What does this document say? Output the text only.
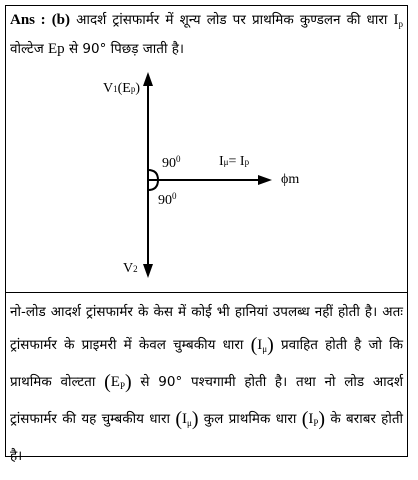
Ans : (b) आदर्श ट्रांसफार्मर में शून्य लोड पर प्राथमिक कुण्डलन की धारा $I_p$ वोल्टेज Ep से 90° पिछड़ जाती है।
V1(Ep)
V2
$90^0$
$90^0$
Iμ= Ip
ϕm
नो-लोड आदर्श ट्रांसफार्मर के केस में कोई भी हानियां उपलब्ध नहीं होती है। अतः ट्रांसफार्मर के प्राइमरी में केवल चुम्बकीय धारा $(I_\mu)$ प्रवाहित होती है जो कि प्राथमिक वोल्टता $(E_P)$ से 90° पश्चगामी होती है। तथा नो लोड आदर्श ट्रांसफार्मर की यह चुम्बकीय धारा $(I_\mu)$ कुल प्राथमिक धारा $(I_P)$ के बराबर होती है।
